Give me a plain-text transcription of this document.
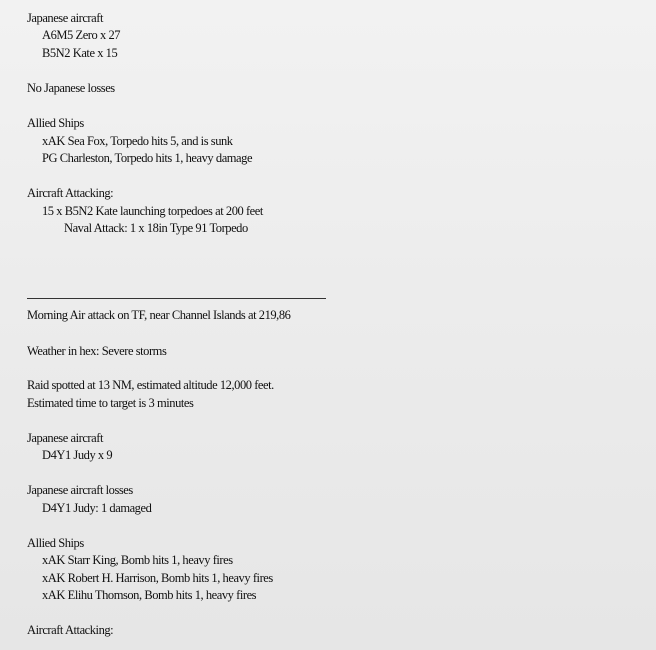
Japanese aircraft
A6M5 Zero x 27
B5N2 Kate x 15
No Japanese losses
Allied Ships
xAK Sea Fox, Torpedo hits 5, and is sunk
PG Charleston, Torpedo hits 1, heavy damage
Aircraft Attacking:
15 x B5N2 Kate launching torpedoes at 200 feet
Naval Attack: 1 x 18in Type 91 Torpedo
Morning Air attack on TF, near Channel Islands at 219,86
Weather in hex: Severe storms
Raid spotted at 13 NM, estimated altitude 12,000 feet.
Estimated time to target is 3 minutes
Japanese aircraft
D4Y1 Judy x 9
Japanese aircraft losses
D4Y1 Judy: 1 damaged
Allied Ships
xAK Starr King, Bomb hits 1, heavy fires
xAK Robert H. Harrison, Bomb hits 1, heavy fires
xAK Elihu Thomson, Bomb hits 1, heavy fires
Aircraft Attacking:
